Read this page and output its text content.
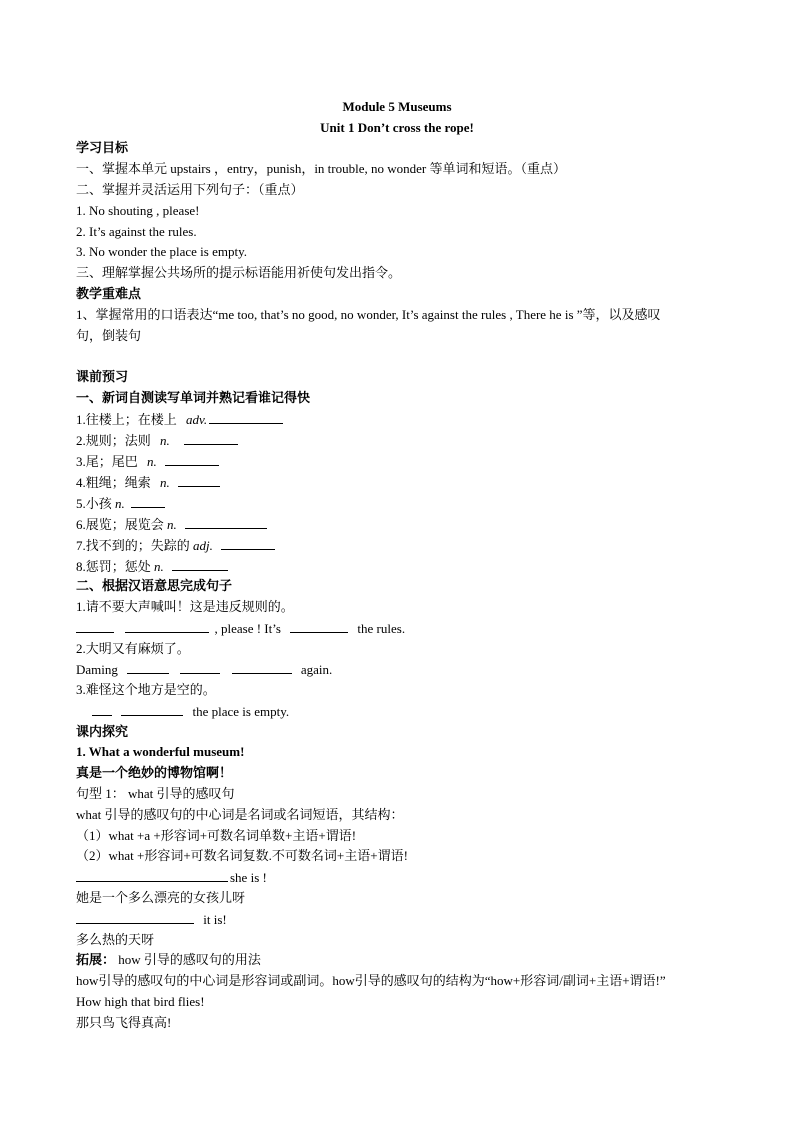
Module 5 Museums
Unit 1 Don’t cross the rope!
学习目标
一、掌握本单元 upstairs ，entry，punish，in trouble, no wonder 等单词和短语。（重点）
二、掌握并灵活运用下列句子：（重点）
1. No shouting , please!
2. It’s against the rules.
3. No wonder the place is empty.
三、理解掌握公共场所的提示标语能用祈使句发出指令。
教学重难点
1、掌握常用的口语表达“me too, that’s no good, no wonder, It’s against the rules , There he is ”等，以及感叹
句，倒装句
课前预习
一、新词自测读写单词并熟记看谁记得快
1.往楼上；在楼上 adv.
2.规则；法则 n.
3.尾；尾巴 n.
4.粗绳；绳索 n.
5.小孩 n.
6.展览；展览会 n.
7.找不到的；失踪的 adj.
8.惩罚；惩处 n.
二、根据汉语意思完成句子
1.请不要大声喊叫！这是违反规则的。
, please ! It’s	the rules.
2.大明又有麻烦了。
Daming	again.
3.难怪这个地方是空的。
the place is empty.
课内探究
1. What a wonderful museum!
真是一个绝妙的博物馆啊！
句型 1： what 引导的感叹句
what 引导的感叹句的中心词是名词或名词短语，其结构：
（1）what +a +形容词+可数名词单数+主语+谓语!
（2）what +形容词+可数名词复数.不可数名词+主语+谓语!
she is !
她是一个多么漂亮的女孩儿呀
it is!
多么热的天呀
拓展： how 引导的感叹句的用法
how引导的感叹句的中心词是形容词或副词。how引导的感叹句的结构为“how+形容词/副词+主语+谓语!”
How high that bird flies!
那只鸟飞得真高!
